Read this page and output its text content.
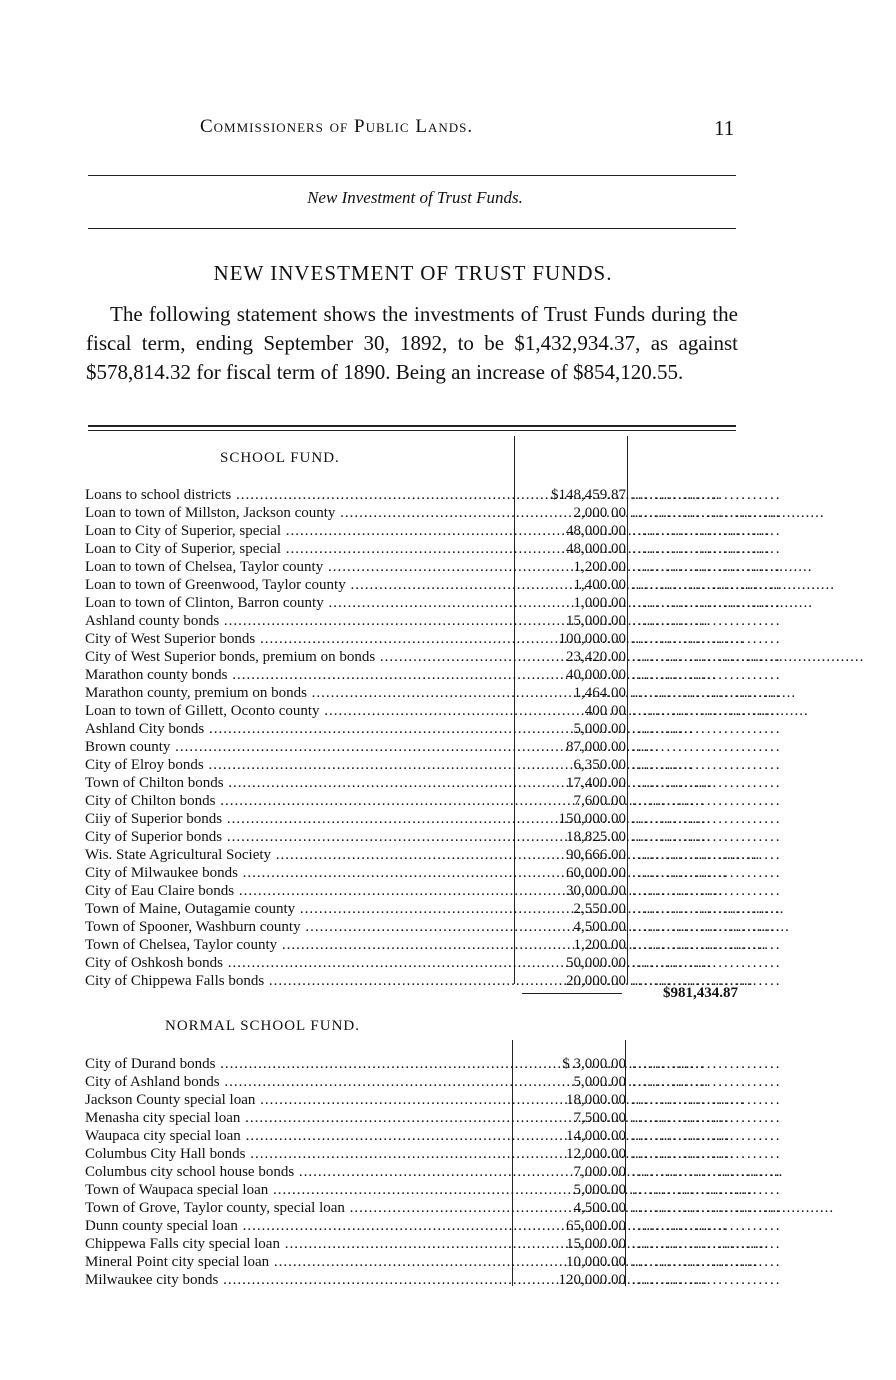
Commissioners of Public Lands.	11
New Investment of Trust Funds.
NEW INVESTMENT OF TRUST FUNDS.
The following statement shows the investments of Trust Funds during the fiscal term, ending September 30, 1892, to be $1,432,934.37, as against $578,814.32 for fiscal term of 1890. Being an increase of $854,120.55.
SCHOOL FUND.
Loans to school districts .....	$148,459.87 ..........................
Loan to town of Millston, Jackson county .....	2,000 00 ..........................
Loan to City of Superior, special .....	48,000.00 ..........................
Loan to City of Superior, special .....	48,000.00 ..........................
Loan to town of Chelsea, Taylor county .....	1,200.00 ..........................
Loan to town of Greenwood, Taylor county .....	1,400.00 ..........................
Loan to town of Clinton, Barron county .....	1,000.00 ..........................
Ashland county bonds .....	15,000.00 ..........................
City of West Superior bonds .....	100,000.00 ..........................
City of West Superior bonds, premium on bonds .....	23,420.00 ..........................
Marathon county bonds .....	40,000.00 ..........................
Marathon county, premium on bonds .....	1,464.00 ..........................
Loan to town of Gillett, Oconto county .....	400 00 ..........................
Ashland City bonds .....	5,000.00 ..........................
Brown county .....	87,000.00 ..........................
City of Elroy bonds .....	6,350.00 ..........................
Town of Chilton bonds .....	17,400.00 ..........................
City of Chilton bonds .....	7,600.00 ..........................
Ciiy of Superior bonds .....	150,000.00 ..........................
City of Superior bonds .....	18,825.00 ..........................
Wis. State Agricultural Society .....	90,666.00 ..........................
City of Milwaukee bonds .....	60,000.00 ..........................
City of Eau Claire bonds .....	30,000.00 ..........................
Town of Maine, Outagamie county .....	2,550.00 ..........................
Town of Spooner, Washburn county .....	4,500.00 ..........................
Town of Chelsea, Taylor county .....	1,200.00 ..........................
City of Oshkosh bonds .....	50,000.00 ..........................
City of Chippewa Falls bonds .....	20,000.00 ..........................
$981,434.87
NORMAL SCHOOL FUND.
City of Durand bonds .....	$ 3,000.00 ..........................
City of Ashland bonds .....	5,000.00 ..........................
Jackson County special loan .....	18,000.00 ..........................
Menasha city special loan .....	7,500.00 ..........................
Waupaca city special loan .....	14,000.00 ..........................
Columbus City Hall bonds .....	12,000.00 ..........................
Columbus city school house bonds .....	7,000.00 ..........................
Town of Waupaca special loan .....	5,000.00 ..........................
Town of Grove, Taylor county, special loan .....	4,500.00 ..........................
Dunn county special loan .....	65,000.00 ..........................
Chippewa Falls city special loan .....	15,000.00 ..........................
Mineral Point city special loan .....	10,000.00 ..........................
Milwaukee city bonds .....	120,000.00 ..........................
